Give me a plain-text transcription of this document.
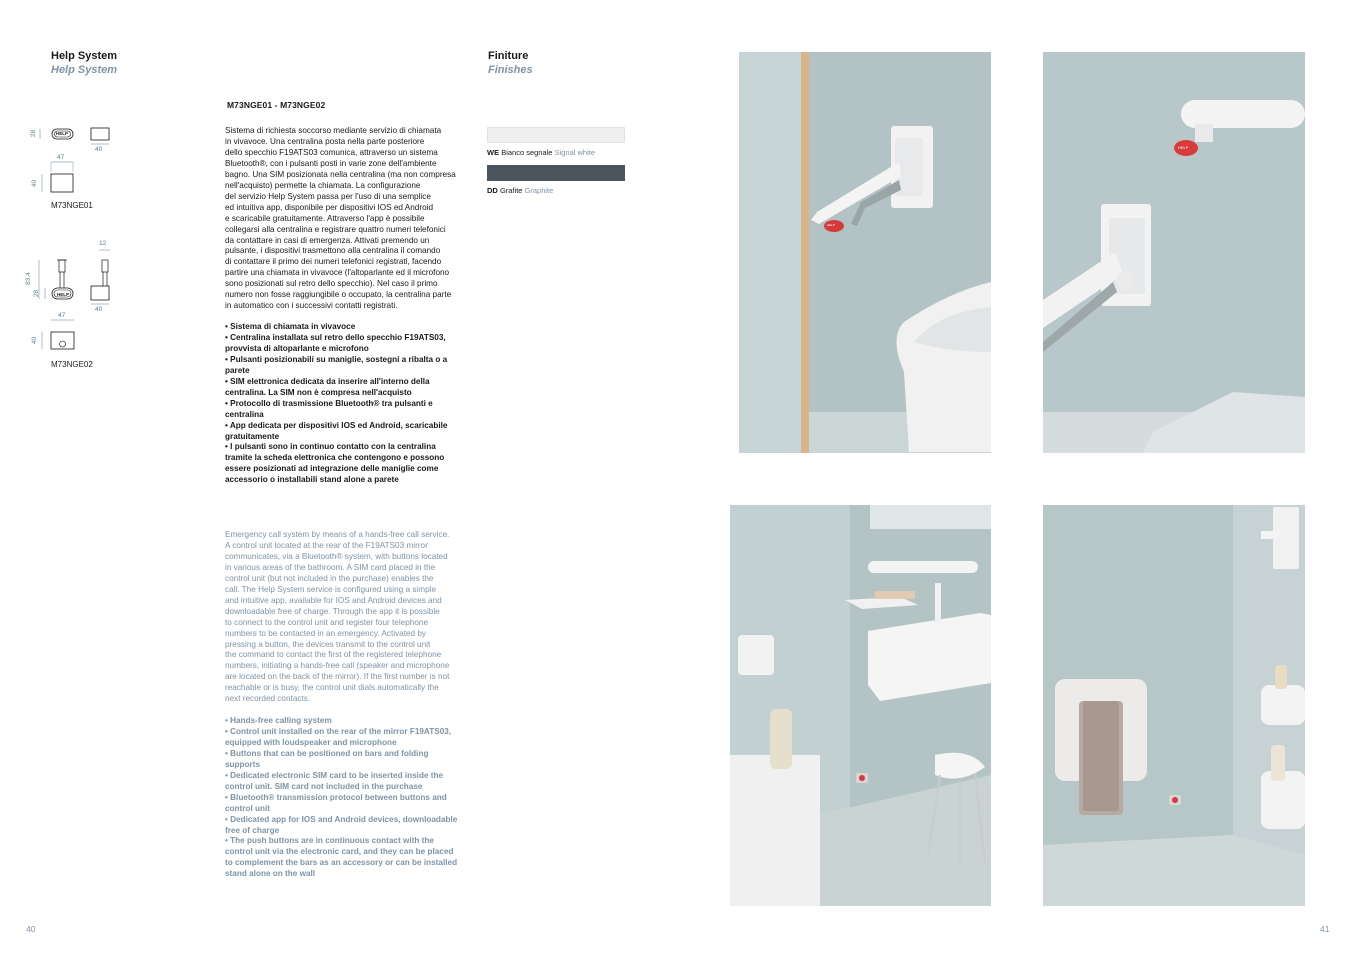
Help System
Help System
28	HELP
40
47
40
M73NGE01
12
83,4
28	HELP
40
47
40
M73NGE02
M73NGE01 - M73NGE02
Sistema di richiesta soccorso mediante servizio di chiamata
in vivavoce. Una centralina posta nella parte posteriore
dello specchio F19ATS03 comunica, attraverso un sistema
Bluetooth®, con i pulsanti posti in varie zone dell'ambiente
bagno. Una SIM posizionata nella centralina (ma non compresa
nell'acquisto) permette la chiamata. La configurazione
del servizio Help System passa per l'uso di una semplice
ed intuitiva app, disponibile per dispositivi IOS ed Android
e scaricabile gratuitamente. Attraverso l'app è possibile
collegarsi alla centralina e registrare quattro numeri telefonici
da contattare in casi di emergenza. Attivati premendo un
pulsante, i dispositivi trasmettono alla centralina il comando
di contattare il primo dei numeri telefonici registrati, facendo
partire una chiamata in vivavoce (l'altoparlante ed il microfono
sono posizionati sul retro dello specchio). Nel caso il primo
numero non fosse raggiungibile o occupato, la centralina parte
in automatico con i successivi contatti registrati.
• Sistema di chiamata in vivavoce
• Centralina installata sul retro dello specchio F19ATS03,
provvista di altoparlante e microfono
• Pulsanti posizionabili su maniglie, sostegni a ribalta o a
parete
• SIM elettronica dedicata da inserire all'interno della
centralina. La SIM non è compresa nell'acquisto
• Protocollo di trasmissione Bluetooth® tra pulsanti e
centralina
• App dedicata per dispositivi IOS ed Android, scaricabile
gratuitamente
• I pulsanti sono in continuo contatto con la centralina
tramite la scheda elettronica che contengono e possono
essere posizionati ad integrazione delle maniglie come
accessorio o installabili stand alone a parete
Emergency call system by means of a hands-free call service.
A control unit located at the rear of the F19ATS03 mirror
communicates, via a Bluetooth® system, with buttons located
in various areas of the bathroom. A SIM card placed in the
control unit (but not included in the purchase) enables the
call. The Help System service is configured using a simple
and intuitive app, available for IOS and Android devices and
downloadable free of charge. Through the app it is possible
to connect to the control unit and register four telephone
numbers to be contacted in an emergency. Activated by
pressing a button, the devices transmit to the control unit
the command to contact the first of the registered telephone
numbers, initiating a hands-free call (speaker and microphone
are located on the back of the mirror). If the first number is not
reachable or is busy, the control unit dials automatically the
next recorded contacts.
• Hands-free calling system
• Control unit installed on the rear of the mirror F19ATS03,
equipped with loudspeaker and microphone
• Buttons that can be positioned on bars and folding
supports
• Dedicated electronic SIM card to be inserted inside the
control unit. SIM card not included in the purchase
• Bluetooth® transmission protocol between buttons and
control unit
• Dedicated app for IOS and Android devices, downloadable
free of charge
• The push buttons are in continuous contact with the
control unit via the electronic card, and they can be placed
to complement the bars as an accessory or can be installed
stand alone on the wall
Finiture
Finishes
WE Bianco segnale Signal white
DD Grafite Graphite
40	41
HELP
HELP
